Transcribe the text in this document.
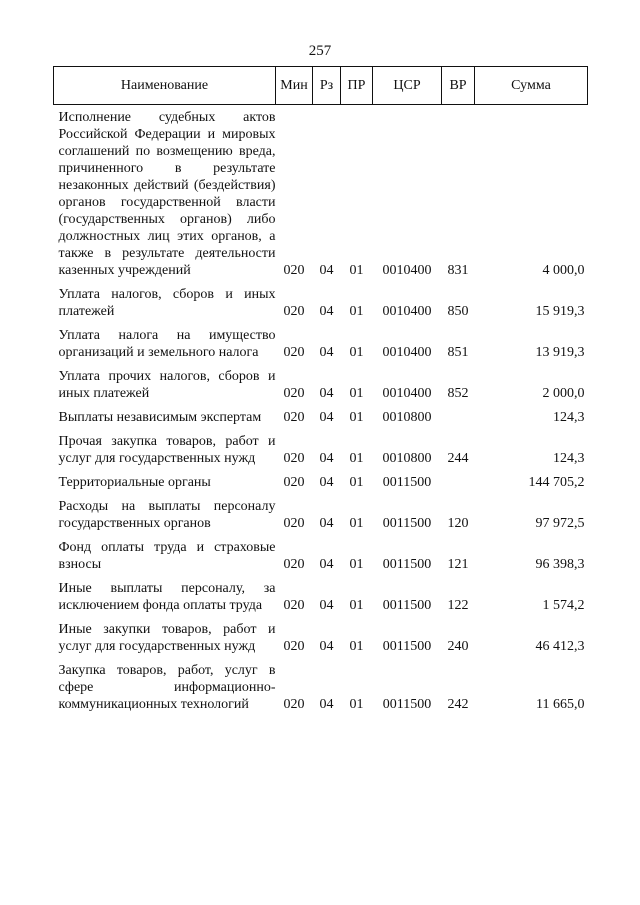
257
Наименование	Мин	Рз	ПР	ЦСР	ВР	Сумма
Исполнение судебных актов Российской Федерации и мировых соглашений по возмещению вреда, причиненного в результате незаконных действий (бездействия) органов государственной власти (государственных органов) либо должностных лиц этих органов, а также в результате деятельности казенных учреждений	020	04	01	0010400	831	4 000,0
Уплата налогов, сборов и иных платежей	020	04	01	0010400	850	15 919,3
Уплата налога на имущество организаций и земельного налога	020	04	01	0010400	851	13 919,3
Уплата прочих налогов, сборов и иных платежей	020	04	01	0010400	852	2 000,0
Выплаты независимым экспертам	020	04	01	0010800		124,3
Прочая закупка товаров, работ и услуг для государственных нужд	020	04	01	0010800	244	124,3
Территориальные органы	020	04	01	0011500		144 705,2
Расходы на выплаты персоналу государственных органов	020	04	01	0011500	120	97 972,5
Фонд оплаты труда и страховые взносы	020	04	01	0011500	121	96 398,3
Иные выплаты персоналу, за исключением фонда оплаты труда	020	04	01	0011500	122	1 574,2
Иные закупки товаров, работ и услуг для государственных нужд	020	04	01	0011500	240	46 412,3
Закупка товаров, работ, услуг в сфере информационно-коммуникационных технологий	020	04	01	0011500	242	11 665,0
